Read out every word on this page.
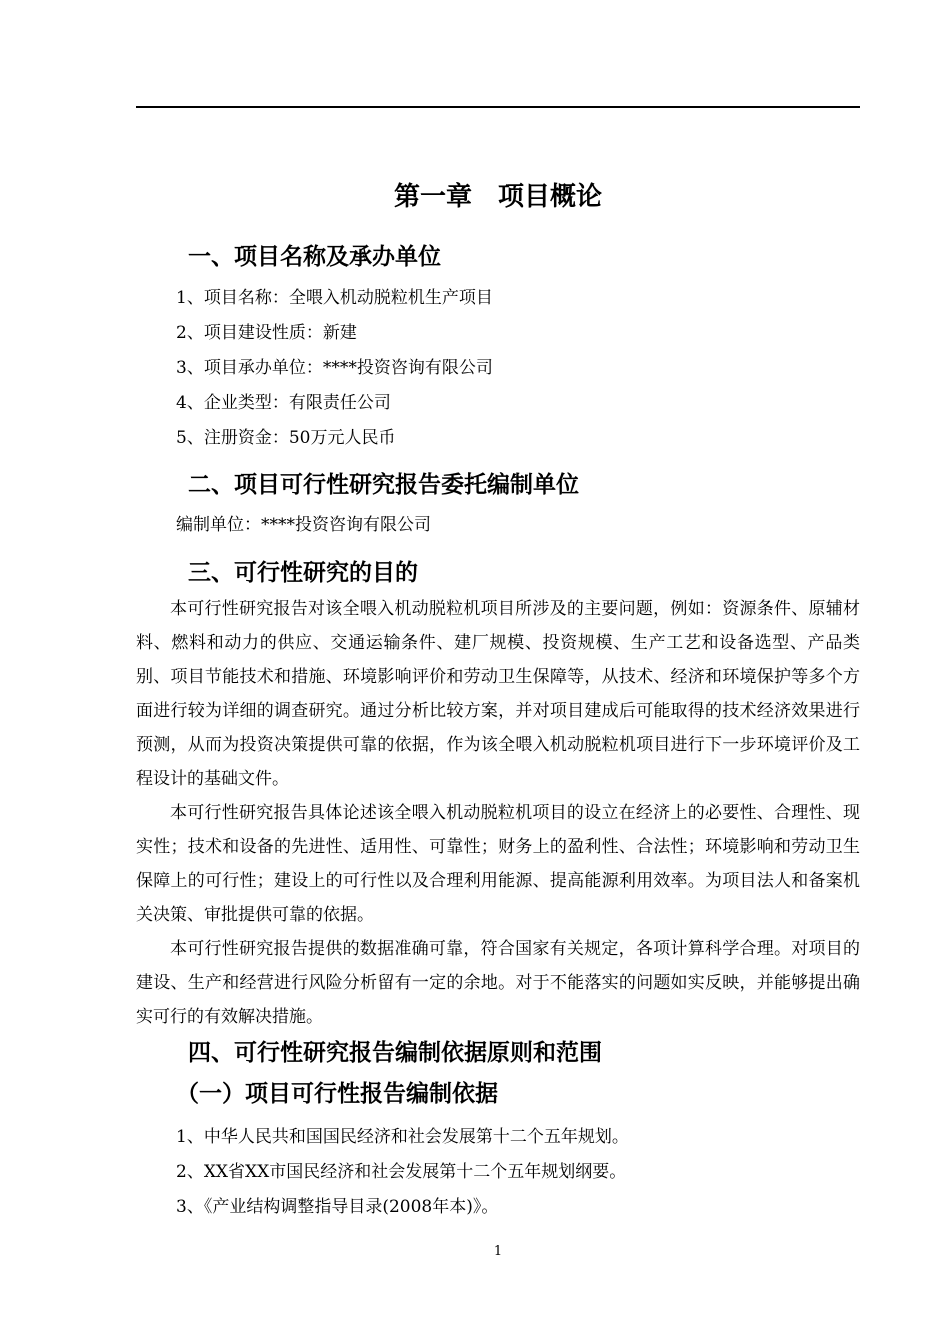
第一章　项目概论
一、项目名称及承办单位
1、项目名称：全喂入机动脱粒机生产项目
2、项目建设性质：新建
3、项目承办单位：****投资咨询有限公司
4、企业类型：有限责任公司
5、注册资金：50万元人民币
二、项目可行性研究报告委托编制单位
编制单位：****投资咨询有限公司
三、可行性研究的目的
本可行性研究报告对该全喂入机动脱粒机项目所涉及的主要问题，例如：资源条件、原辅材料、燃料和动力的供应、交通运输条件、建厂规模、投资规模、生产工艺和设备选型、产品类别、项目节能技术和措施、环境影响评价和劳动卫生保障等，从技术、经济和环境保护等多个方面进行较为详细的调查研究。通过分析比较方案，并对项目建成后可能取得的技术经济效果进行预测，从而为投资决策提供可靠的依据，作为该全喂入机动脱粒机项目进行下一步环境评价及工程设计的基础文件。
本可行性研究报告具体论述该全喂入机动脱粒机项目的设立在经济上的必要性、合理性、现实性；技术和设备的先进性、适用性、可靠性；财务上的盈利性、合法性；环境影响和劳动卫生保障上的可行性；建设上的可行性以及合理利用能源、提高能源利用效率。为项目法人和备案机关决策、审批提供可靠的依据。
本可行性研究报告提供的数据准确可靠，符合国家有关规定，各项计算科学合理。对项目的建设、生产和经营进行风险分析留有一定的余地。对于不能落实的问题如实反映，并能够提出确实可行的有效解决措施。
四、可行性研究报告编制依据原则和范围
（一）项目可行性报告编制依据
1、中华人民共和国国民经济和社会发展第十二个五年规划。
2、XX省XX市国民经济和社会发展第十二个五年规划纲要。
3、《产业结构调整指导目录(2008年本)》。
1
